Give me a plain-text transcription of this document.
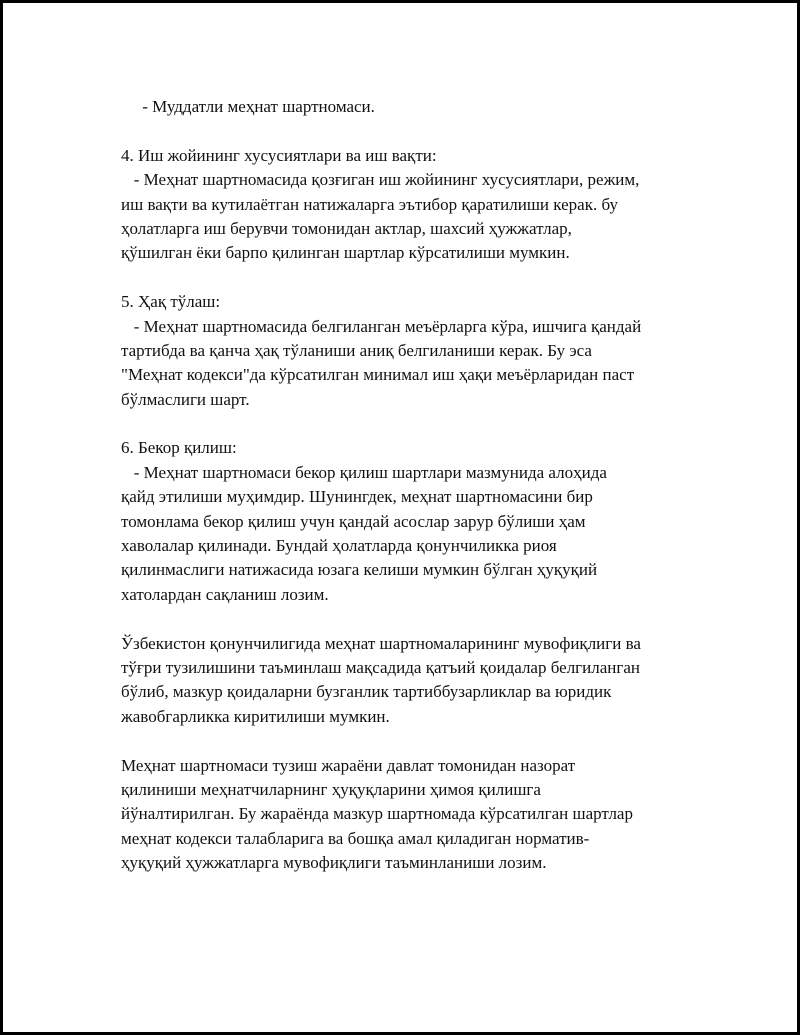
- Муддатли меҳнат шартномаси.
4. Иш жойининг хусусиятлари ва иш вақти:
- Меҳнат шартномасида қозғиган иш жойининг хусусиятлари, режим,
иш вақти ва кутилаётган натижаларга эътибор қаратилиши керак. бу
ҳолатларга иш берувчи томонидан актлар, шахсий ҳужжатлар,
қўшилган ёки барпо қилинган шартлар кўрсатилиши мумкин.
5. Ҳақ тўлаш:
- Меҳнат шартномасида белгиланган меъёрларга кўра, ишчига қандай
тартибда ва қанча ҳақ тўланиши аниқ белгиланиши керак. Бу эса
"Меҳнат кодекси"да кўрсатилган минимал иш ҳақи меъёрларидан паст
бўлмаслиги шарт.
6. Бекор қилиш:
- Меҳнат шартномаси бекор қилиш шартлари мазмунида алоҳида
қайд этилиши муҳимдир. Шунингдек, меҳнат шартномасини бир
томонлама бекор қилиш учун қандай асослар зарур бўлиши ҳам
хаволалар қилинади. Бундай ҳолатларда қонунчиликка риоя
қилинмаслиги натижасида юзага келиши мумкин бўлган ҳуқуқий
хатолардан сақланиш лозим.
Ўзбекистон қонунчилигида меҳнат шартномаларининг мувофиқлиги ва
тўғри тузилишини таъминлаш мақсадида қатъий қоидалар белгиланган
бўлиб, мазкур қоидаларни бузганлик тартиббузарликлар ва юридик
жавобгарликка киритилиши мумкин.
Меҳнат шартномаси тузиш жараёни давлат томонидан назорат
қилиниши меҳнатчиларнинг ҳуқуқларини ҳимоя қилишга
йўналтирилган. Бу жараёнда мазкур шартномада кўрсатилган шартлар
меҳнат кодекси талабларига ва бошқа амал қиладиган норматив-
ҳуқуқий ҳужжатларга мувофиқлиги таъминланиши лозим.
